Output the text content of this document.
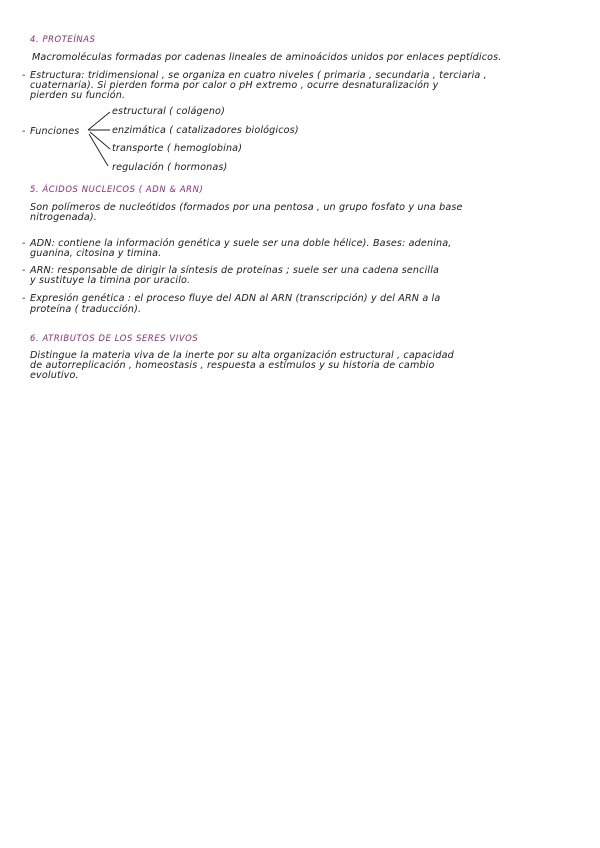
4. PROTEÍNAS
Macromoléculas formadas por cadenas lineales de aminoácidos unidos por enlaces peptídicos.
- Estructura: tridimensional , se organiza en cuatro niveles ( primaria , secundaria , terciaria ,
cuaternaria). Si pierden forma por calor o pH extremo , ocurre desnaturalización y
pierden su función.
- Funciones
estructural ( colágeno)
enzimática ( catalizadores biológicos)
transporte ( hemoglobina)
regulación ( hormonas)
5. ÁCIDOS NUCLEICOS ( ADN & ARN)
Son polímeros de nucleótidos (formados por una pentosa , un grupo fosfato y una base
nitrogenada).
- ADN: contiene la información genética y suele ser una doble hélice). Bases: adenina,
guanina, citosina y timina.
- ARN: responsable de dirigir la síntesis de proteínas ; suele ser una cadena sencilla
y sustituye la timina por uracilo.
- Expresión genética : el proceso fluye del ADN al ARN (transcripción) y del ARN a la
proteína ( traducción).
6. ATRIBUTOS DE LOS SERES VIVOS
Distingue la materia viva de la inerte por su alta organización estructural , capacidad
de autorreplicación , homeostasis , respuesta a estímulos y su historia de cambio
evolutivo.
